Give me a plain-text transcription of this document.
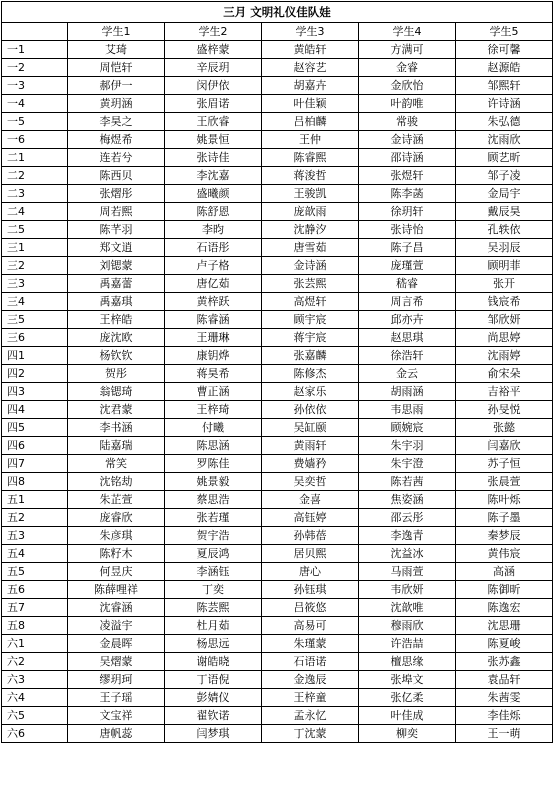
三月 文明礼仪佳队娃					
	学生1	学生2	学生3	学生4	学生5
一1	艾琦	盛梓蒙	黄皓轩	方满可	徐可馨
一2	周恺轩	辛辰玥	赵容艺	金睿	赵源皓
一3	郝伊一	闵伊依	胡嘉卉	金欣怡	邹熙轩
一4	黄玥涵	张眉诺	叶佳颖	叶韵唯	许诗涵
一5	李昊之	王欣睿	吕柏麟	常骏	朱弘德
一6	梅煜希	姚景恒	王仲	金诗涵	沈雨欣
二1	连若兮	张诗佳	陈睿熙	邵诗涵	顾艺昕
二2	陈西贝	李沈嘉	蒋浚哲	张煜轩	邹子凌
二3	张熠彤	盛曦颜	王骏凯	陈李菡	金局宇
二4	周若熙	陈舒恩	庞歆雨	徐玥轩	戴辰昊
二5	陈芊羽	李昀	沈静汐	张诗怡	孔轶依
三1	郑文逍	石语彤	唐雪茹	陈子昌	吴羽辰
三2	刘锶蒙	卢子格	金诗涵	庞瑾萱	顾明菲
三3	禹嘉蕾	唐亿茹	张芸熙	嵇睿	张开
三4	禹嘉琪	黄梓跃	高煜轩	周言希	钱宸希
三5	王梓皓	陈睿涵	顾宇宸	邱亦卉	邹欣妍
三6	庞沈欧	王珊琳	蒋宇宸	赵思琪	尚思婷
四1	杨钦钦	康钥烨	张嘉麟	徐浩轩	沈雨婷
四2	贺彤	蒋昊希	陈修杰	金云	俞宋朵
四3	翁锶琦	曹正涵	赵家乐	胡雨涵	吉裕平
四4	沈君蒙	王梓琦	孙依依	韦思雨	孙旻悦
四5	李书涵	付曦	吴缸颐	顾婉宸	张懿
四6	陆嘉瑞	陈思涵	黄雨轩	朱宇羽	闫嘉欣
四7	常笑	罗陈佳	费嫱矜	朱宇澄	苏子恒
四8	沈铭劫	姚景毅	吴奕哲	陈若茜	张晨萱
五1	朱芷萱	蔡思浩	金喜	焦姿涵	陈叶烁
五2	庞睿欣	张若瑾	高钰婷	邵云彤	陈子墨
五3	朱彦琪	贺宇浩	孙韩蓓	李逸青	秦梦辰
五4	陈籽木	夏辰鸿	居贝熙	沈益冰	黄伟宸
五5	何昱庆	李涵钰	唐心	马雨萱	高涵
五6	陈薛哩祥	丁奕	孙钰琪	韦欣妍	陈御昕
五7	沈睿涵	陈芸熙	吕筱悠	沈歆唯	陈逸宏
五8	凌溢宇	杜月茹	高易可	穆雨欣	沈思珊
六1	金晨晖	杨思远	朱瑾蒙	许浩喆	陈夏峻
六2	吴熠蒙	谢皓晓	石语诺	檀思缘	张苏鑫
六3	缪玥珂	丁语倪	金逸辰	张埠文	袁品轩
六4	王子瑶	彭婧仪	王梓童	张亿柔	朱茜雯
六5	文宝祥	翟钦诺	孟永忆	叶佳成	李佳烁
六6	唐帆蕊	闫梦琪	丁沈蒙	柳奕	王一萌
